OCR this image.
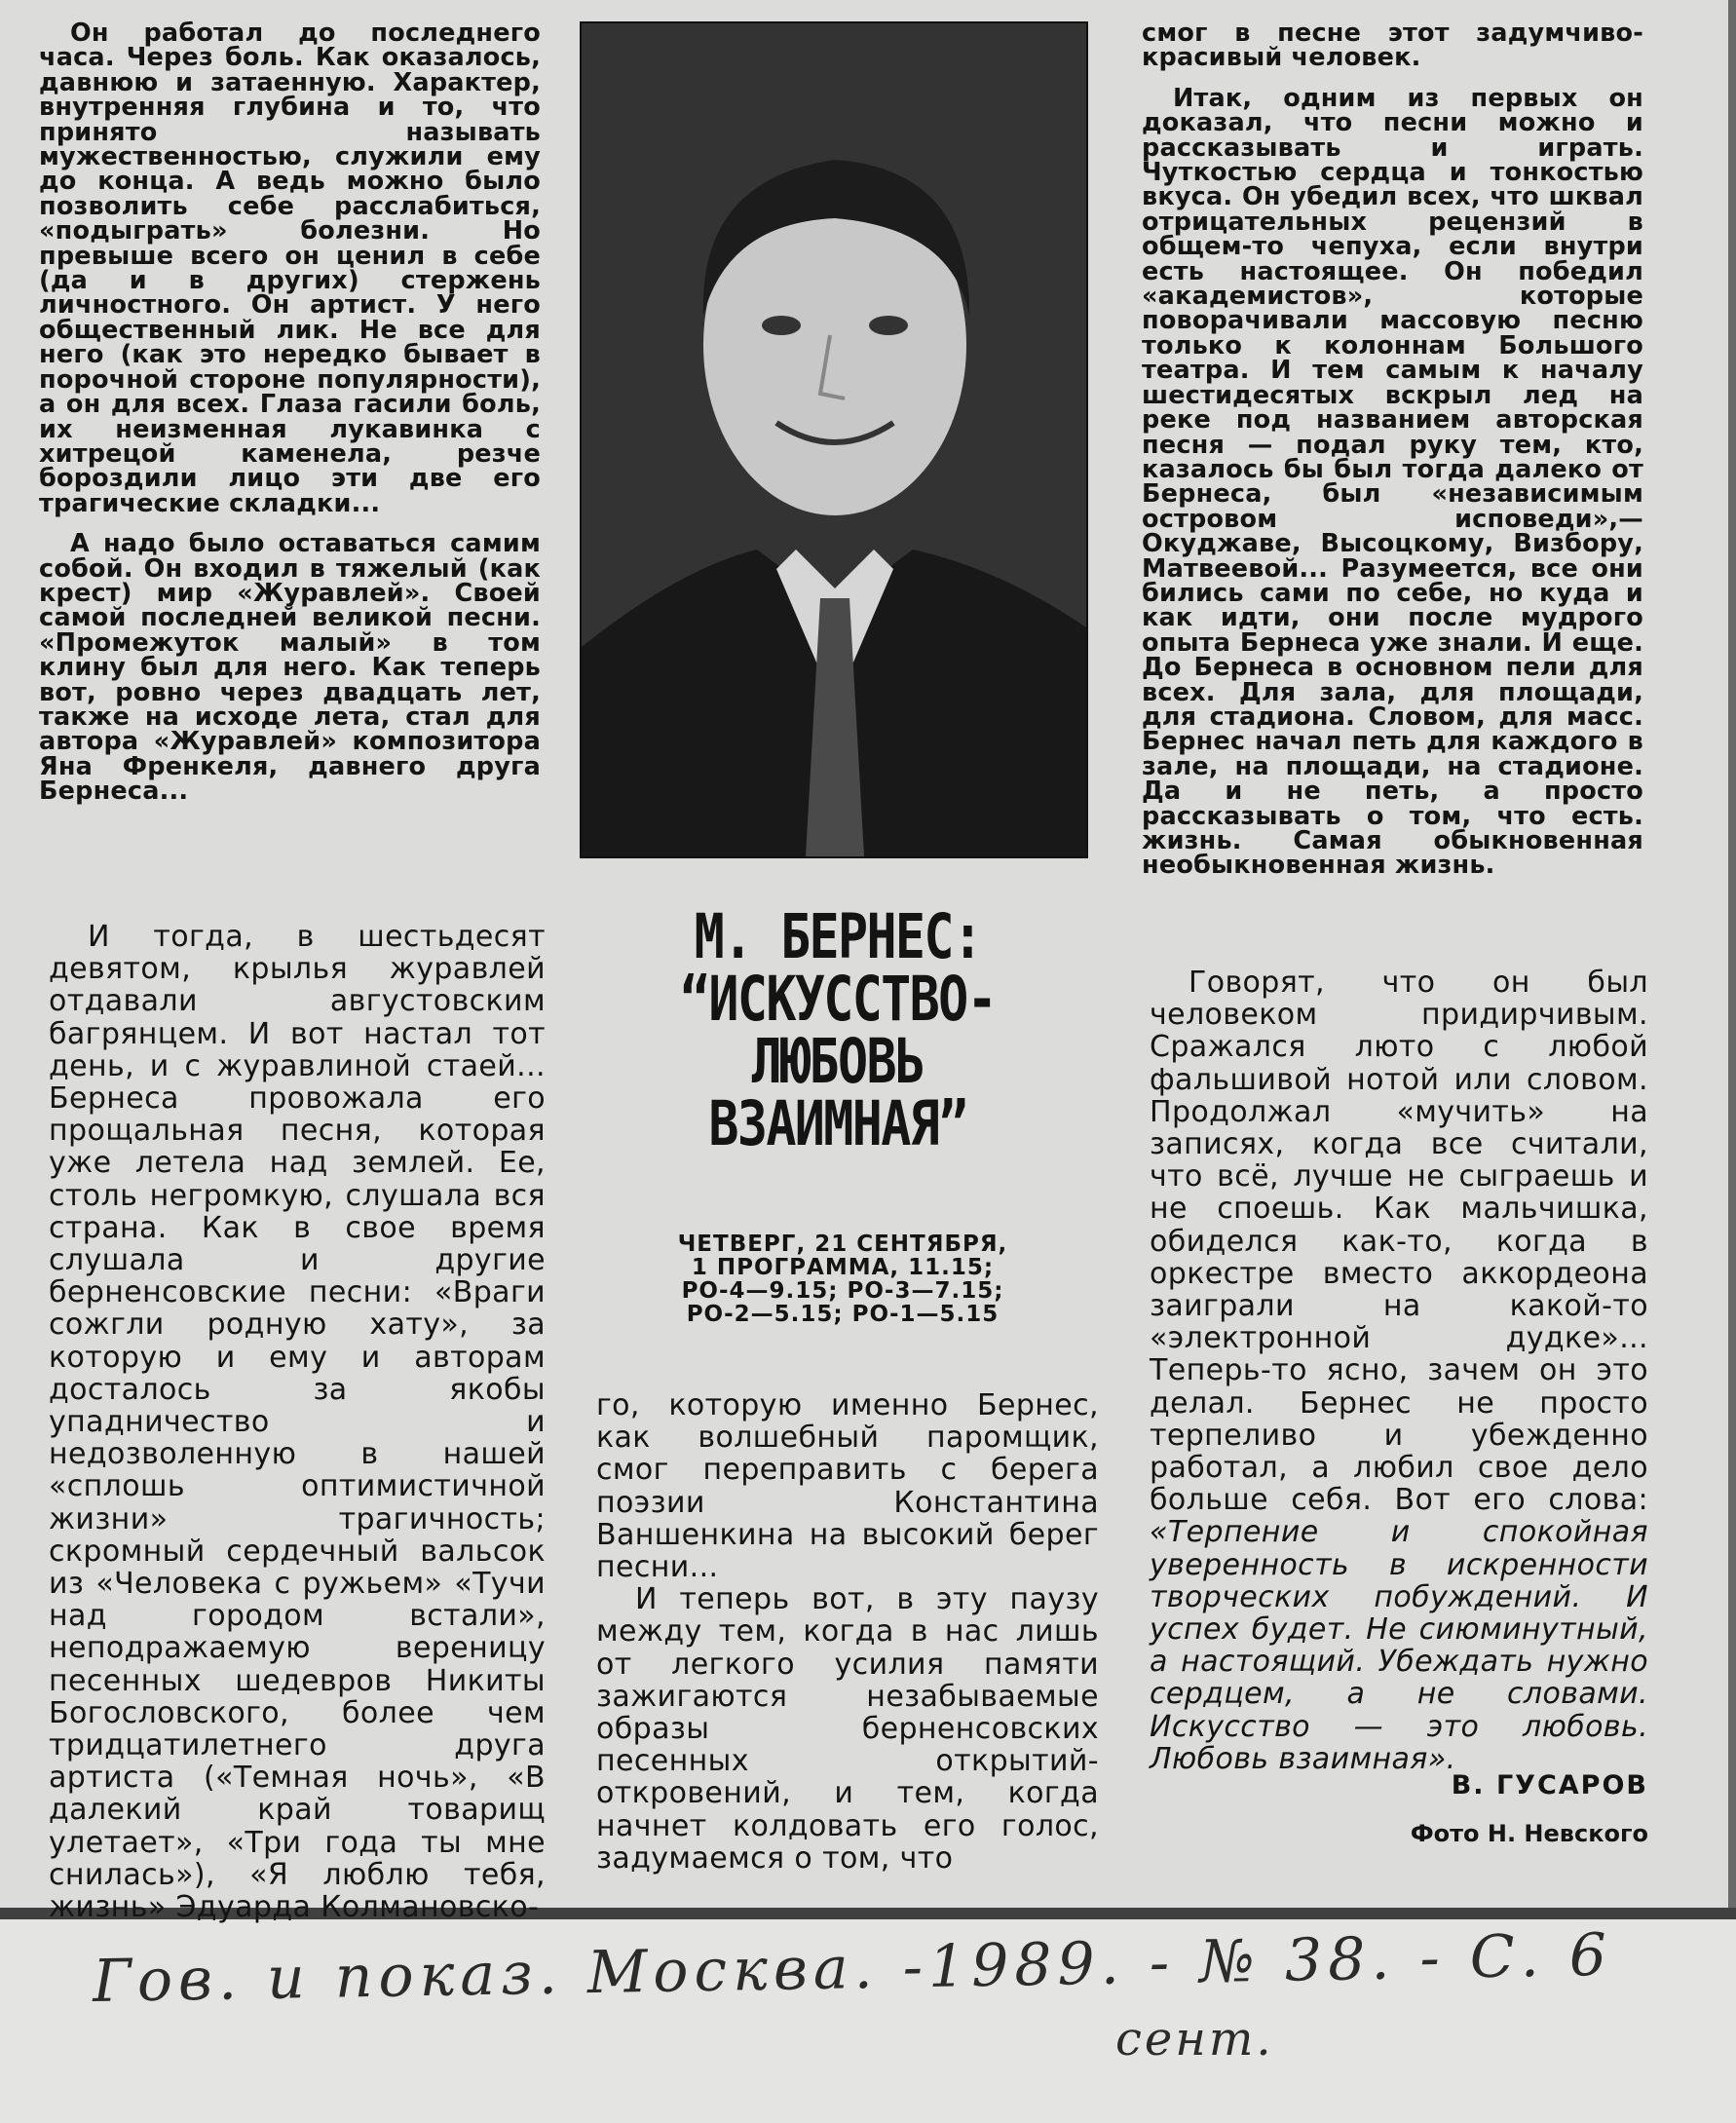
Он работал до последнего часа. Через боль. Как оказалось, давнюю и затаенную. Характер, внутренняя глубина и то, что принято называть мужественностью, служили ему до конца. А ведь можно было позволить себе расслабиться, «подыграть» болезни. Но превыше всего он ценил в себе (да и в других) стержень личностного. Он артист. У него общественный лик. Не все для него (как это нередко бывает в порочной стороне популярности), а он для всех. Глаза гасили боль, их неизменная лукавинка с хитрецой каменела, резче бороздили лицо эти две его трагические складки...

А надо было оставаться самим собой. Он входил в тяжелый (как крест) мир «Журавлей». Своей самой последней великой песни. «Промежуток малый» в том клину был для него. Как теперь вот, ровно через двадцать лет, также на исходе лета, стал для автора «Журавлей» композитора Яна Френкеля, давнего друга Бернеса...

И тогда, в шестьдесят девятом, крылья журавлей отдавали августовским багрянцем. И вот настал тот день, и с журавлиной стаей... Бернеса провожала его прощальная песня, которая уже летела над землей. Ее, столь негромкую, слушала вся страна. Как в свое время слушала и другие берненсовские песни: «Враги сожгли родную хату», за которую и ему и авторам досталось за якобы упадничество и недозволенную в нашей «сплошь оптимистичной жизни» трагичность; скромный сердечный вальсок из «Человека с ружьем» «Тучи над городом встали», неподражаемую вереницу песенных шедевров Никиты Богословского, более чем тридцатилетнего друга артиста («Темная ночь», «В далекий край товарищ улетает», «Три года ты мне снилась»), «Я люблю тебя, жизнь» Эдуарда Колмановско-

М. БЕРНЕС:
“ИСКУССТВО-
ЛЮБОВЬ
ВЗАИМНАЯ”
ЧЕТВЕРГ, 21 СЕНТЯБРЯ,
1 ПРОГРАММА, 11.15;
РО-4—9.15; РО-3—7.15;
РО-2—5.15; РО-1—5.15

го, которую именно Бернес, как волшебный паромщик, смог переправить с берега поэзии Константина Ваншенкина на высокий берег песни...

И теперь вот, в эту паузу между тем, когда в нас лишь от легкого усилия памяти зажигаются незабываемые образы берненсовских песенных открытий-откровений, и тем, когда начнет колдовать его голос, задумаемся о том, что

смог в песне этот задумчиво-красивый человек.

Итак, одним из первых он доказал, что песни можно и рассказывать и играть. Чуткостью сердца и тонкостью вкуса. Он убедил всех, что шквал отрицательных рецензий в общем-то чепуха, если внутри есть настоящее. Он победил «академистов», которые поворачивали массовую песню только к колоннам Большого театра. И тем самым к началу шестидесятых вскрыл лед на реке под названием авторская песня — подал руку тем, кто, казалось бы был тогда далеко от Бернеса, был «независимым островом исповеди»,— Окуджаве, Высоцкому, Визбору, Матвеевой... Разумеется, все они бились сами по себе, но куда и как идти, они после мудрого опыта Бернеса уже знали. И еще. До Бернеса в основном пели для всех. Для зала, для площади, для стадиона. Словом, для масс. Бернес начал петь для каждого в зале, на площади, на стадионе. Да и не петь, а просто рассказывать о том, что есть. жизнь. Самая обыкновенная необыкновенная жизнь.

Говорят, что он был человеком придирчивым. Сражался люто с любой фальшивой нотой или словом. Продолжал «мучить» на записях, когда все считали, что всё, лучше не сыграешь и не споешь. Как мальчишка, обиделся как-то, когда в оркестре вместо аккордеона заиграли на какой-то «электронной дудке»... Теперь-то ясно, зачем он это делал. Бернес не просто терпеливо и убежденно работал, а любил свое дело больше себя. Вот его слова: «Терпение и спокойная уверенность в искренности творческих побуждений. И успех будет. Не сиюминутный, а настоящий. Убеждать нужно сердцем, а не словами. Искусство — это любовь. Любовь взаимная».

В. ГУСАРОВ
Фото Н. Невского
Гов. и показ. Москва. -1989. - № 38. - С. 6
сент.
